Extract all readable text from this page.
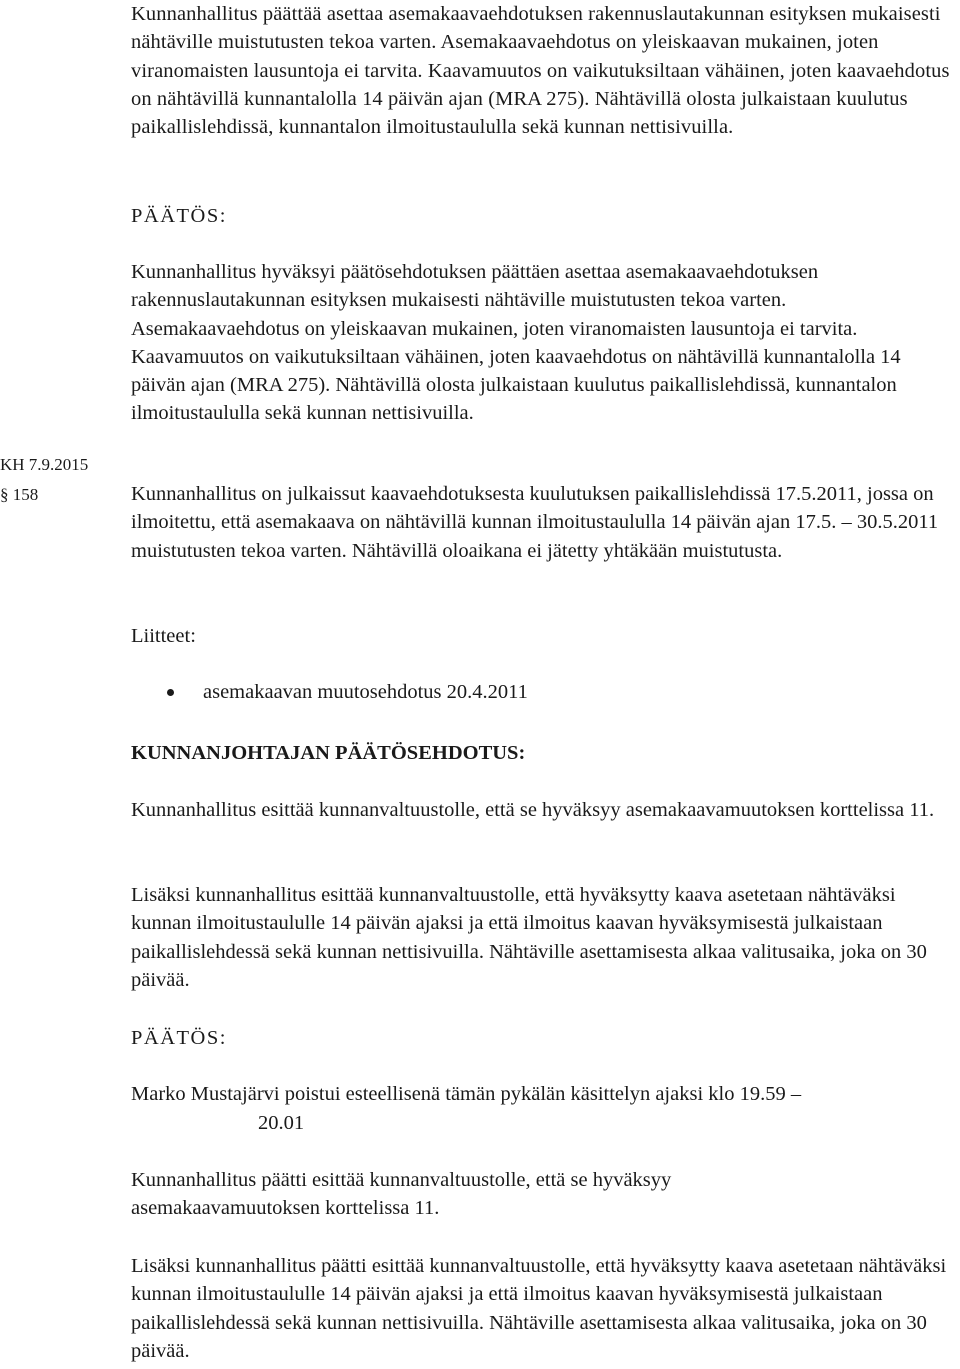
Kunnanhallitus päättää asettaa asemakaavaehdotuksen rakennuslautakunnan esityksen mukaisesti nähtäville muistutusten tekoa varten. Asemakaavaehdotus on yleiskaavan mukainen, joten viranomaisten lausuntoja ei tarvita. Kaavamuutos on vaikutuksiltaan vähäinen, joten kaavaehdotus on nähtävillä kunnantalolla 14 päivän ajan (MRA 275). Nähtävillä olosta julkaistaan kuulutus paikallislehdissä, kunnantalon ilmoitustaululla sekä kunnan nettisivuilla.

PÄÄTÖS:

Kunnanhallitus hyväksyi päätösehdotuksen päättäen asettaa asemakaavaehdotuksen rakennuslautakunnan esityksen mukaisesti nähtäville muistutusten tekoa varten. Asemakaavaehdotus on yleiskaavan mukainen, joten viranomaisten lausuntoja ei tarvita. Kaavamuutos on vaikutuksiltaan vähäinen, joten kaavaehdotus on nähtävillä kunnantalolla 14 päivän ajan (MRA 275). Nähtävillä olosta julkaistaan kuulutus paikallislehdissä, kunnantalon ilmoitustaululla sekä kunnan nettisivuilla.

KH 7.9.2015
§ 158	Kunnanhallitus on julkaissut kaavaehdotuksesta kuulutuksen paikallislehdissä 17.5.2011, jossa on ilmoitettu, että asemakaava on nähtävillä kunnan ilmoitustaululla 14 päivän ajan 17.5. – 30.5.2011 muistutusten tekoa varten. Nähtävillä oloaikana ei jätetty yhtäkään muistutusta.

Liitteet:

asemakaavan muutosehdotus 20.4.2011

KUNNANJOHTAJAN PÄÄTÖSEHDOTUS:

Kunnanhallitus esittää kunnanvaltuustolle, että se hyväksyy asemakaavamuutoksen korttelissa 11.

Lisäksi kunnanhallitus esittää kunnanvaltuustolle, että hyväksytty kaava asetetaan nähtäväksi kunnan ilmoitustaululle 14 päivän ajaksi ja että ilmoitus kaavan hyväksymisestä julkaistaan paikallislehdessä sekä kunnan nettisivuilla. Nähtäville asettamisesta alkaa valitusaika, joka on 30 päivää.

PÄÄTÖS:

Marko Mustajärvi poistui esteellisenä tämän pykälän käsittelyn ajaksi klo 19.59 –

20.01

Kunnanhallitus päätti esittää kunnanvaltuustolle, että se hyväksyy asemakaavamuutoksen korttelissa 11.

Lisäksi kunnanhallitus päätti esittää kunnanvaltuustolle, että hyväksytty kaava asetetaan nähtäväksi kunnan ilmoitustaululle 14 päivän ajaksi ja että ilmoitus kaavan hyväksymisestä julkaistaan paikallislehdessä sekä kunnan nettisivuilla. Nähtäville asettamisesta alkaa valitusaika, joka on 30 päivää.
